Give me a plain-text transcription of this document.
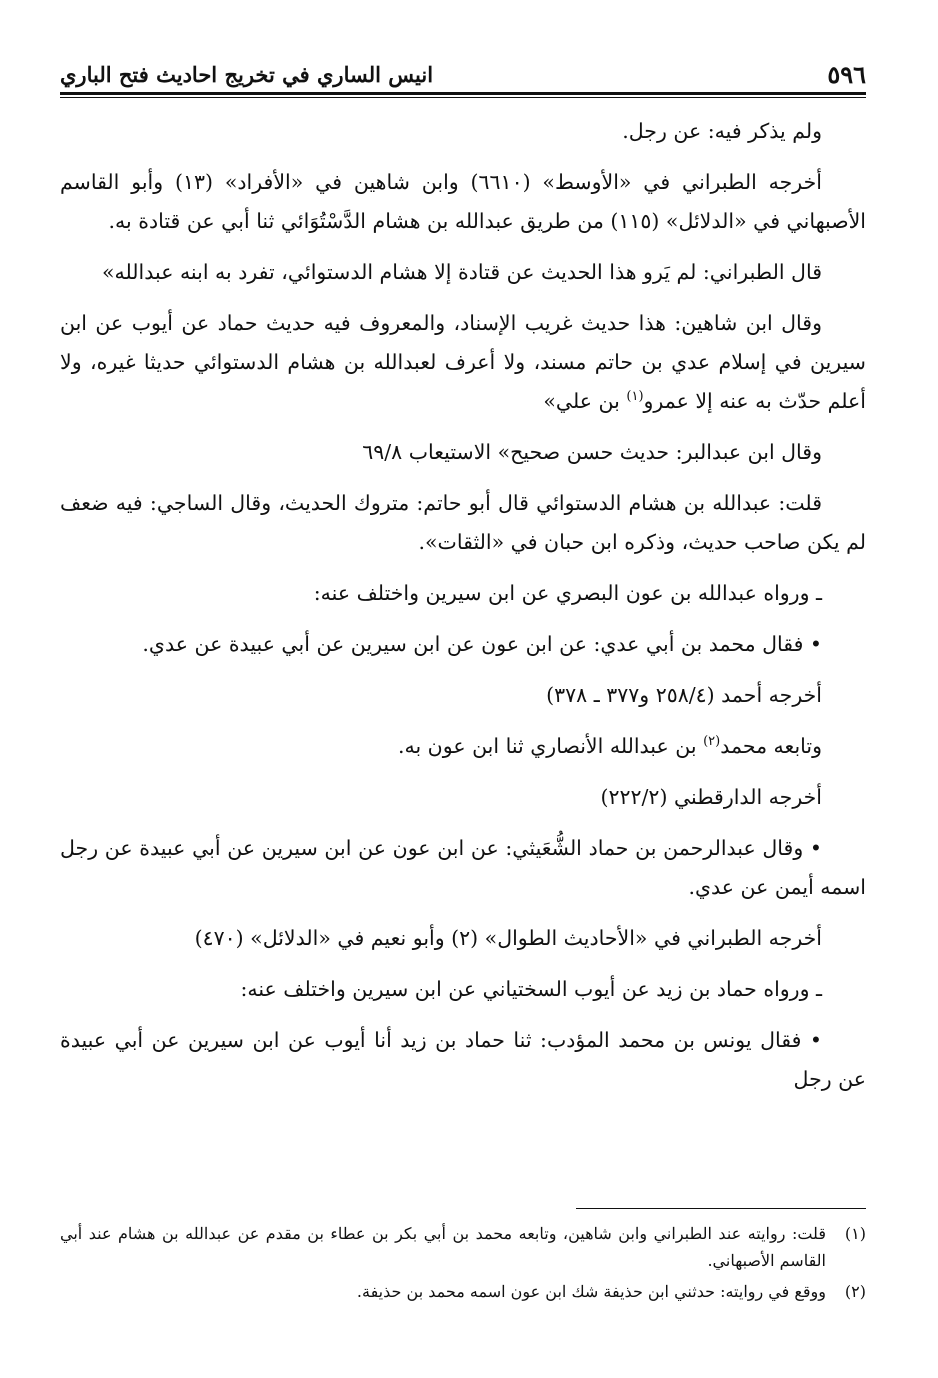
٥٩٦
انيس الساري في تخريج احاديث فتح الباري

ولم يذكر فيه: عن رجل.

أخرجه الطبراني في «الأوسط» (٦٦١٠) وابن شاهين في «الأفراد» (١٣) وأبو القاسم الأصبهاني في «الدلائل» (١١٥) من طريق عبدالله بن هشام الدَّسْتُوَائي ثنا أبي عن قتادة به.

قال الطبراني: لم يَرو هذا الحديث عن قتادة إلا هشام الدستوائي، تفرد به ابنه عبدالله»

وقال ابن شاهين: هذا حديث غريب الإسناد، والمعروف فيه حديث حماد عن أيوب عن ابن سيرين في إسلام عدي بن حاتم مسند، ولا أعرف لعبدالله بن هشام الدستوائي حديثا غيره، ولا أعلم حدّث به عنه إلا عمرو$^{(١)}$ بن علي»

وقال ابن عبدالبر: حديث حسن صحيح» الاستيعاب ٦٩/٨

قلت: عبدالله بن هشام الدستوائي قال أبو حاتم: متروك الحديث، وقال الساجي: فيه ضعف لم يكن صاحب حديث، وذكره ابن حبان في «الثقات».

ـ ورواه عبدالله بن عون البصري عن ابن سيرين واختلف عنه:

• فقال محمد بن أبي عدي: عن ابن عون عن ابن سيرين عن أبي عبيدة عن عدي.

أخرجه أحمد (٢٥٨/٤ و٣٧٧ ـ ٣٧٨)

وتابعه محمد$^{(٢)}$ بن عبدالله الأنصاري ثنا ابن عون به.

أخرجه الدارقطني (٢٢٢/٢)

• وقال عبدالرحمن بن حماد الشُّعَيثي: عن ابن عون عن ابن سيرين عن أبي عبيدة عن رجل اسمه أيمن عن عدي.

أخرجه الطبراني في «الأحاديث الطوال» (٢) وأبو نعيم في «الدلائل» (٤٧٠)

ـ ورواه حماد بن زيد عن أيوب السختياني عن ابن سيرين واختلف عنه:

• فقال يونس بن محمد المؤدب: ثنا حماد بن زيد أنا أيوب عن ابن سيرين عن أبي عبيدة عن رجل

(١)
قلت: روايته عند الطبراني وابن شاهين، وتابعه محمد بن أبي بكر بن عطاء بن مقدم عن عبدالله بن هشام عند أبي القاسم الأصبهاني.
(٢)
ووقع في روايته: حدثني ابن حذيفة شك ابن عون اسمه محمد بن حذيفة.
